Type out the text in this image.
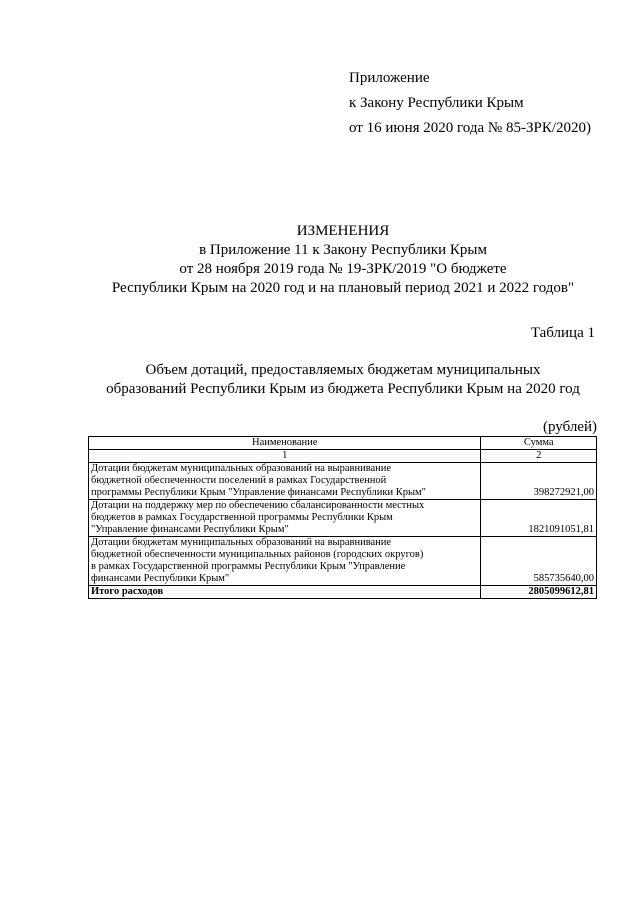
Приложение
к Закону Республики Крым
от 16 июня 2020 года № 85-ЗРК/2020)
ИЗМЕНЕНИЯ
в Приложение 11 к Закону Республики Крым
от 28 ноября 2019 года № 19-ЗРК/2019 "О бюджете
Республики Крым на 2020 год и на плановый период 2021 и 2022 годов"
Таблица 1
Объем дотаций, предоставляемых бюджетам муниципальных
образований Республики Крым из бюджета Республики Крым на 2020 год
(рублей)
Наименование	Сумма
1	2

Дотации бюджетам муниципальных образований на выравнивание
бюджетной обеспеченности поселений в рамках Государственной
программы Республики Крым "Управление финансами Республики Крым"	398272921,00

Дотации на поддержку мер по обеспечению сбалансированности местных
бюджетов в рамках Государственной программы Республики Крым
"Управление финансами Республики Крым"	1821091051,81

Дотации бюджетам муниципальных образований на выравнивание
бюджетной обеспеченности муниципальных районов (городских округов)
в рамках Государственной программы Республики Крым "Управление
финансами Республики Крым"	585735640,00
Итого расходов	2805099612,81
